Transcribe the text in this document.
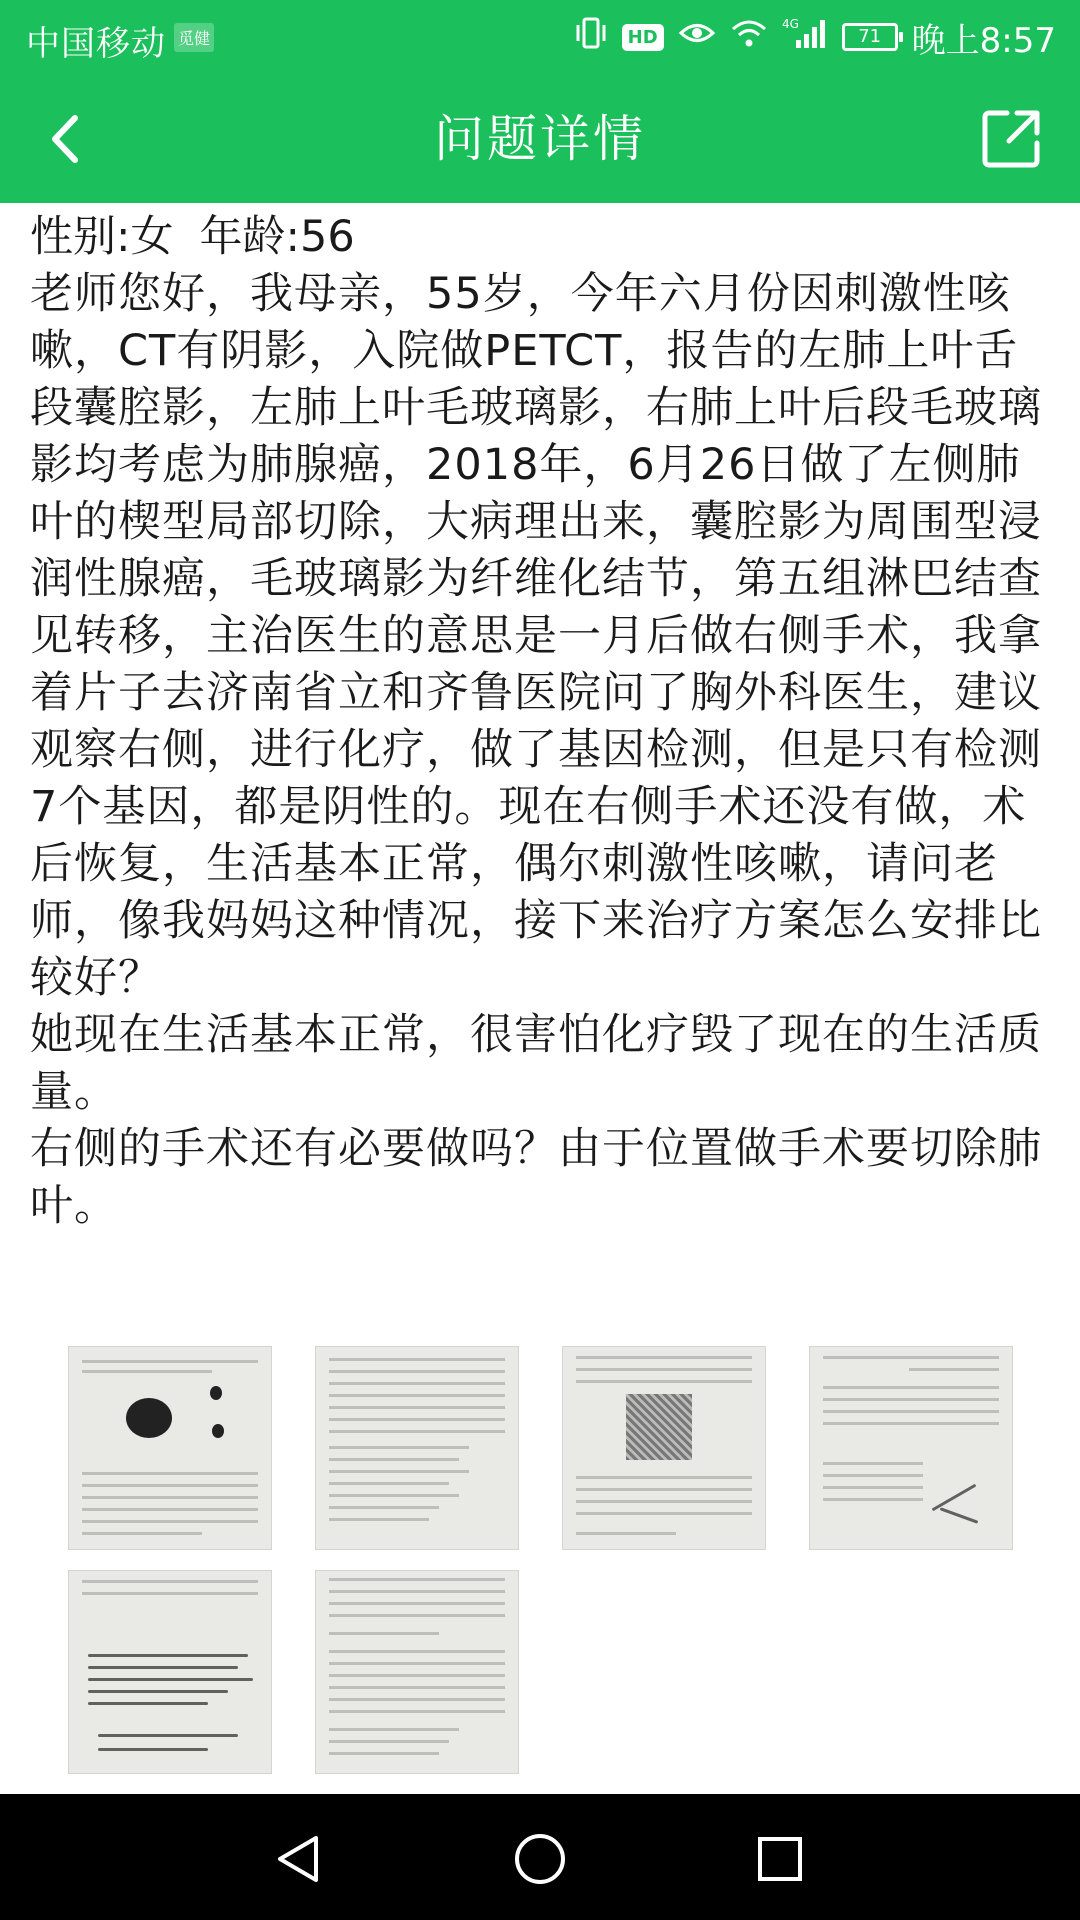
中国移动 觅健	HD
4G
71 晚上8:57
问题详情
性别:女 年龄:56

老师您好，我母亲，55岁，今年六月份因刺激性咳嗽，CT有阴影，入院做PETCT，报告的左肺上叶舌段囊腔影，左肺上叶毛玻璃影，右肺上叶后段毛玻璃影均考虑为肺腺癌，2018年，6月26日做了左侧肺叶的楔型局部切除，大病理出来，囊腔影为周围型浸润性腺癌，毛玻璃影为纤维化结节，第五组淋巴结查见转移，主治医生的意思是一月后做右侧手术，我拿着片子去济南省立和齐鲁医院问了胸外科医生，建议观察右侧，进行化疗，做了基因检测，但是只有检测7个基因，都是阴性的。现在右侧手术还没有做，术后恢复，生活基本正常，偶尔刺激性咳嗽，请问老师，像我妈妈这种情况，接下来治疗方案怎么安排比较好？

她现在生活基本正常，很害怕化疗毁了现在的生活质量。

右侧的手术还有必要做吗？由于位置做手术要切除肺叶。
